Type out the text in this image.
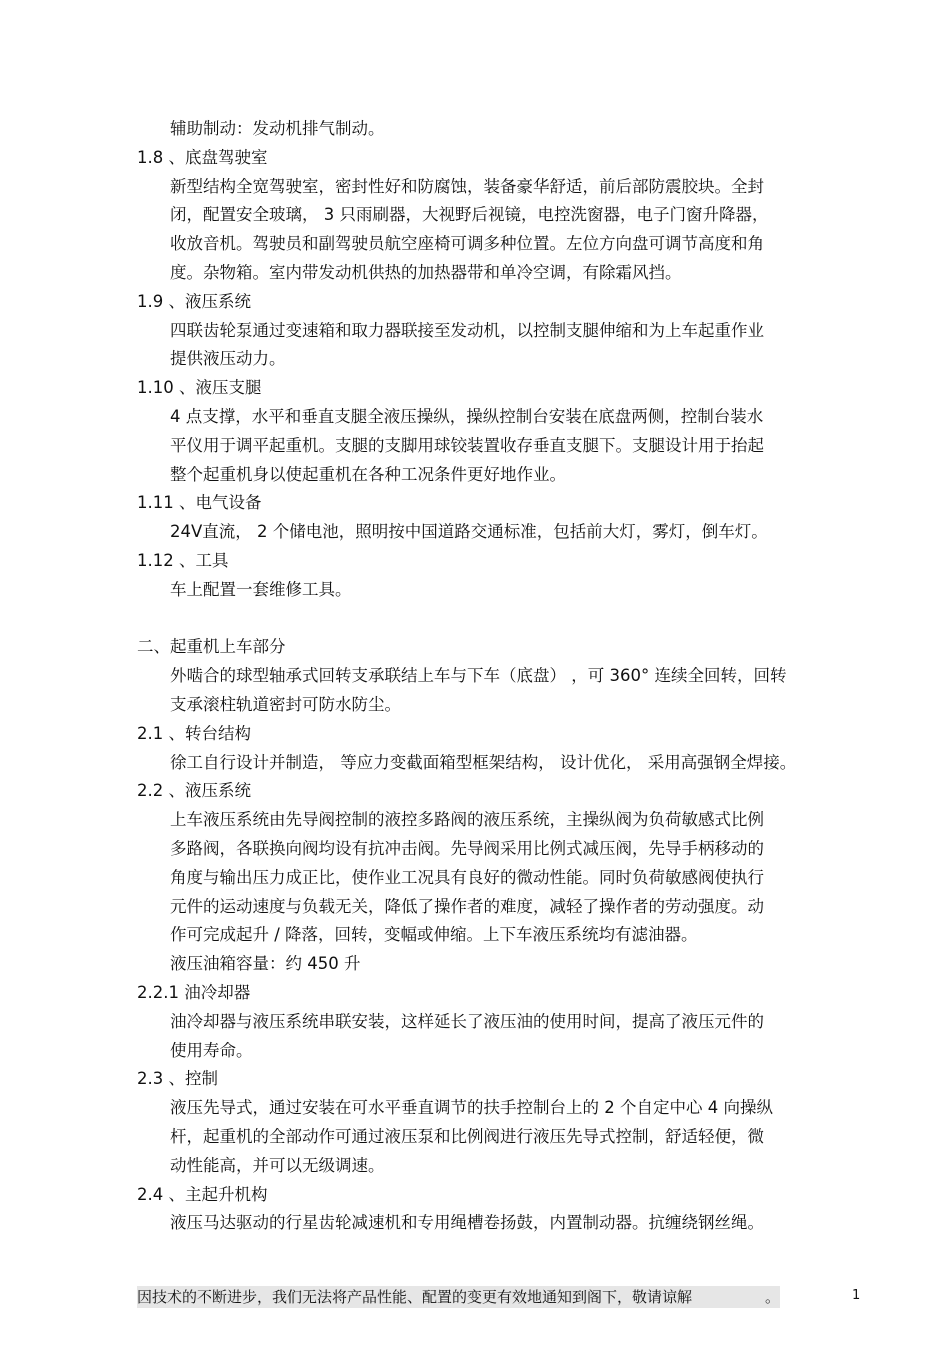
辅助制动：发动机排气制动。
1.8 、底盘驾驶室
新型结构全宽驾驶室，密封性好和防腐蚀，装备豪华舒适，前后部防震胶块。全封
闭，配置安全玻璃， 3 只雨刷器，大视野后视镜，电控洗窗器，电子门窗升降器，
收放音机。驾驶员和副驾驶员航空座椅可调多种位置。左位方向盘可调节高度和角
度。杂物箱。室内带发动机供热的加热器带和单冷空调，有除霜风挡。
1.9 、液压系统
四联齿轮泵通过变速箱和取力器联接至发动机，以控制支腿伸缩和为上车起重作业
提供液压动力。
1.10 、液压支腿
4 点支撑，水平和垂直支腿全液压操纵，操纵控制台安装在底盘两侧，控制台装水
平仪用于调平起重机。支腿的支脚用球铰装置收存垂直支腿下。支腿设计用于抬起
整个起重机身以使起重机在各种工况条件更好地作业。
1.11 、电气设备
24V直流， 2 个储电池，照明按中国道路交通标准，包括前大灯，雾灯，倒车灯。
1.12 、工具
车上配置一套维修工具。
二、起重机上车部分
外啮合的球型轴承式回转支承联结上车与下车（底盘） ，可 360° 连续全回转，回转
支承滚柱轨道密封可防水防尘。
2.1 、转台结构
徐工自行设计并制造， 等应力变截面箱型框架结构， 设计优化， 采用高强钢全焊接。
2.2 、液压系统
上车液压系统由先导阀控制的液控多路阀的液压系统，主操纵阀为负荷敏感式比例
多路阀，各联换向阀均设有抗冲击阀。先导阀采用比例式减压阀，先导手柄移动的
角度与输出压力成正比，使作业工况具有良好的微动性能。同时负荷敏感阀使执行
元件的运动速度与负载无关，降低了操作者的难度，减轻了操作者的劳动强度。动
作可完成起升 / 降落，回转，变幅或伸缩。上下车液压系统均有滤油器。
液压油箱容量：约 450 升
2.2.1 油冷却器
油冷却器与液压系统串联安装，这样延长了液压油的使用时间，提高了液压元件的
使用寿命。
2.3 、控制
液压先导式，通过安装在可水平垂直调节的扶手控制台上的 2 个自定中心 4 向操纵
杆，起重机的全部动作可通过液压泵和比例阀进行液压先导式控制，舒适轻便，微
动性能高，并可以无级调速。
2.4 、主起升机构
液压马达驱动的行星齿轮减速机和专用绳槽卷扬鼓，内置制动器。抗缠绕钢丝绳。
因技术的不断进步，我们无法将产品性能、配置的变更有效地通知到阁下，敬请谅解	。	1
